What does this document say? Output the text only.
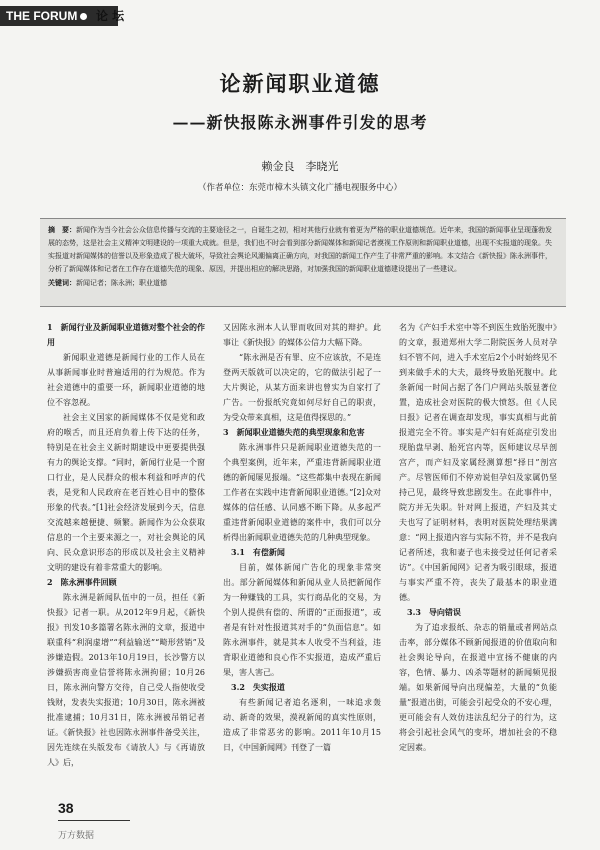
THE FORUM	论 坛
论新闻职业道德
——新快报陈永洲事件引发的思考
赖金良　李晓光
（作者单位：东莞市樟木头镇文化广播电视服务中心）
摘　要：新闻作为当今社会公众信息传播与交流的主要途径之一，自诞生之初，相对其他行业就有着更为严格的职业道德规范。近年来，我国的新闻事业呈现蓬勃发展的态势，这是社会主义精神文明建设的一项重大成就。但是，我们也不时会看到部分新闻媒体和新闻记者漠视工作原则和新闻职业道德，出现不实报道的现象。失实报道对新闻媒体的信誉以及形象造成了极大破坏，导致社会舆论风潮偏离正确方向，对我国的新闻工作产生了非常严重的影响。本文结合《新快报》陈永洲事件，分析了新闻媒体和记者在工作存在道德失范的现象、原因，并提出相应的解决思路，对加强我国的新闻职业道德建设提出了一些建议。
关键词：新闻记者；陈永洲；职业道德
1　新闻行业及新闻职业道德对整个社会的作用

新闻职业道德是新闻行业的工作人员在从事新闻事业时普遍适用的行为规范。作为社会道德中的重要一环，新闻职业道德的地位不容忽视。

社会主义国家的新闻媒体不仅是党和政府的喉舌，而且还肩负着上传下达的任务，特别是在社会主义新时期建设中更要提供强有力的舆论支撑。“同时，新闻行业是一个窗口行业，是人民群众的根本利益和呼声的代表，是党和人民政府在老百姓心目中的整体形象的代表。”[1]社会经济发展到今天，信息交流越来越便捷、频繁。新闻作为公众获取信息的一个主要来源之一，对社会舆论的风向、民众意识形态的形成以及社会主义精神文明的建设有着非常重大的影响。

2　陈永洲事件回顾

陈永洲是新闻队伍中的一员，担任《新快报》记者一职。从2012年9月起，《新快报》刊发10多篇署名陈永洲的文章，报道中联重科“利润虚增”“利益输送”“畸形营销”及涉嫌造假。2013年10月19日，长沙警方以涉嫌损害商业信誉将陈永洲拘留；10月26日，陈永洲向警方交待，自己受人指使收受钱财，发表失实报道；10月30日，陈永洲被批准逮捕；10月31日，陈永洲被吊销记者证。《新快报》社也因陈永洲事件备受关注，因先连续在头版发布《请放人》与《再请放人》后，

又因陈永洲本人认罪而收回对其的辩护。此事让《新快报》的媒体公信力大幅下降。

“陈永洲是否有罪、应不应该放，不是连登两天版就可以决定的，它的做法引起了一大片舆论，从某方面来讲也曾实为自家打了广告。一份报纸究竟如何尽好自己的职责，为受众带来真相，这是值得探思的。”

3　新闻职业道德失范的典型现象和危害

陈永洲事件只是新闻职业道德失范的一个典型案例，近年来，严重违背新闻职业道德的新闻屡见报端。“这些都集中表现在新闻工作者在实践中违背新闻职业道德。”[2]众对媒体的信任感、认同感不断下降。从多起严重违背新闻职业道德的案件中，我们可以分析得出新闻职业道德失范的几种典型现象。

3.1　有偿新闻

目前，媒体新闻广告化的现象非常突出。部分新闻媒体和新闻从业人员把新闻作为一种赚钱的工具，实行商品化的交易，为个别人提供有偿的、所谓的“正面报道”，或者是有针对性报道其对手的“负面信息”。如陈永洲事件，就是其本人收受不当利益，违背职业道德和良心作不实报道，造成严重后果，害人害己。

3.2　失实报道

有些新闻记者追名逐利，一味追求轰动、新奇的效果，漠视新闻的真实性原则，造成了非常恶劣的影响。2011年10月15日，《中国新闻网》刊登了一篇

名为《产妇手术室中等不到医生致胎死腹中》的文章，报道郑州大学二附院医务人员对孕妇不管不问，进入手术室后2个小时始终见不到来做手术的大夫，最终导致胎死腹中。此条新闻一时间占据了各门户网站头版显著位置，造成社会对医院的极大愤怒。但《人民日报》记者在调查却发现，事实真相与此前报道完全不符。事实是产妇有妊高症引发出现胎盘早剥、胎死宫内等，医师建议尽早剖宫产，而产妇及家属经测算想“择日”剖宫产。尽管医师们不停劝说但孕妇及家属仍坚持己见，最终导致悲剧发生。在此事件中，院方并无失职。针对网上报道，产妇及其丈夫也写了证明材料，表明对医院处理结果满意：“网上报道内容与实际不符，并不是我向记者所述，我和妻子也未接受过任何记者采访”。《中国新闻网》记者为吸引眼球，报道与事实严重不符，丧失了最基本的职业道德。

3.3　导向错误

为了追求报纸、杂志的销量或者网站点击率，部分媒体不顾新闻报道的价值取向和社会舆论导向，在报道中宣扬不健康的内容，色情、暴力、凶杀等题材的新闻频见报端。如果新闻导向出现偏差，大量的“负能量”报道出街，可能会引起受众的不安心理，更可能会有人效仿违法乱纪分子的行为，这将会引起社会风气的变坏，增加社会的不稳定因素。

38
万方数据
